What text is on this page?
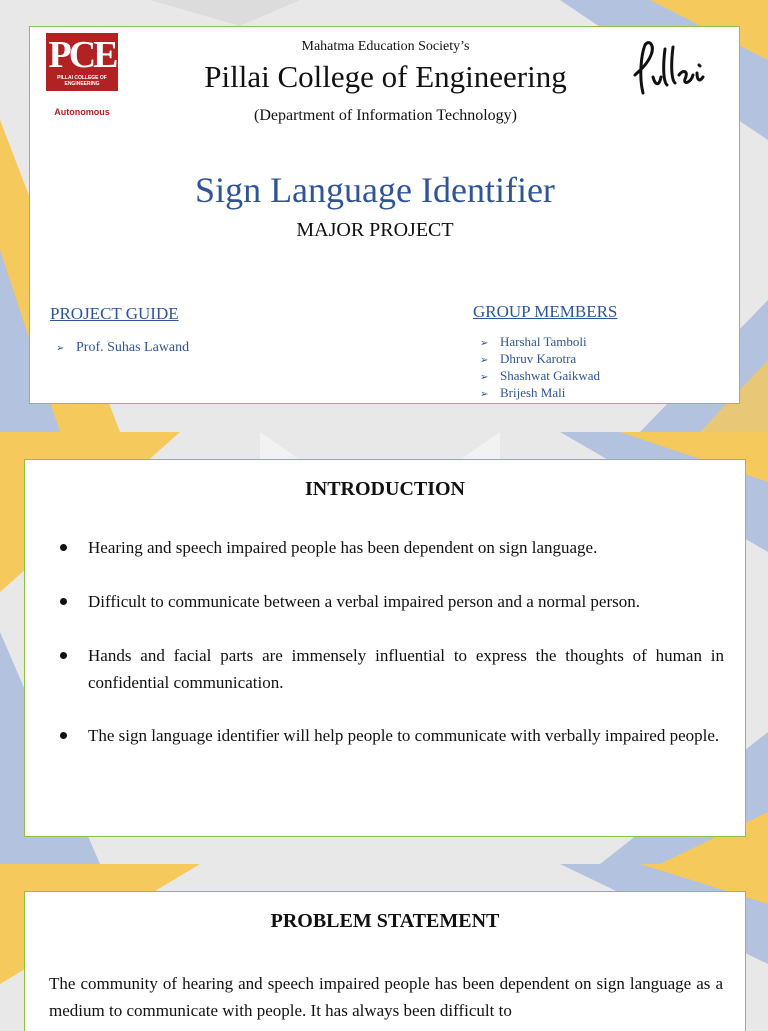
PCE
PILLAI COLLEGE OF ENGINEERING
Autonomous
Mahatma Education Society’s
Pillai College of Engineering
(Department of Information Technology)
Sign Language Identifier
MAJOR PROJECT
PROJECT GUIDE
➢ Prof. Suhas Lawand
GROUP MEMBERS
➢ Harshal Tamboli
➢ Dhruv Karotra
➢ Shashwat Gaikwad
➢ Brijesh Mali
INTRODUCTION
Hearing and speech impaired people has been dependent on sign language.
Difficult to communicate between a verbal impaired person and a normal person.
Hands and facial parts are immensely influential to express the thoughts of human in confidential communication.
The sign language identifier will help people to communicate with verbally impaired people.
PROBLEM STATEMENT

The community of hearing and speech impaired people has been dependent on sign language as a medium to communicate with people. It has always been difficult to
